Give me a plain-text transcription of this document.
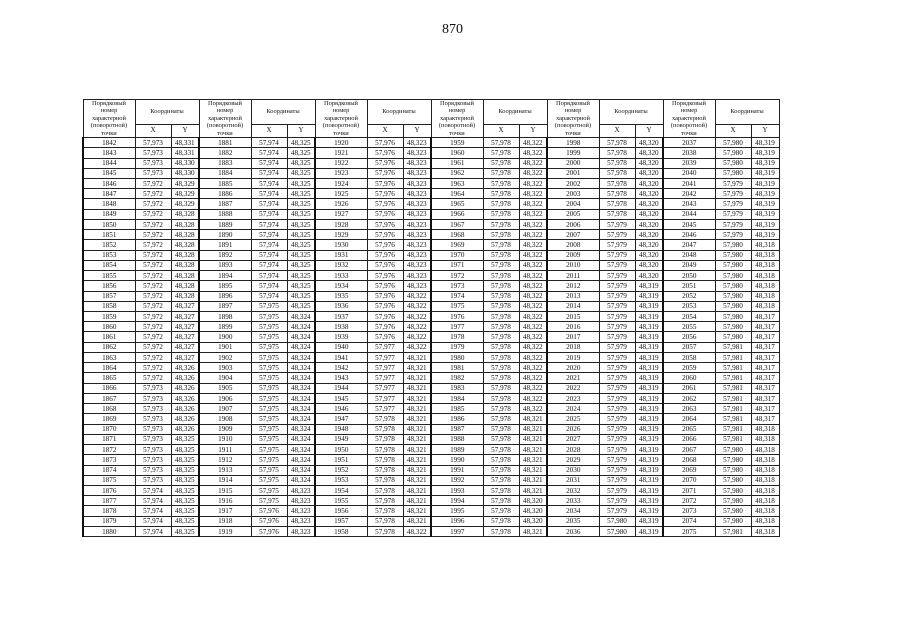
870
Порядковый номер характерной (поворотной) точки	Координаты		Порядковый номер характерной (поворотной) точки	Координаты		Порядковый номер характерной (поворотной) точки	Координаты		Порядковый номер характерной (поворотной) точки	Координаты		Порядковый номер характерной (поворотной) точки	Координаты		Порядковый номер характерной (поворотной) точки	Координаты	
	X	Y		X	Y		X	Y		X	Y		X	Y		X	Y
1842	57,973	48,331	1881	57,974	48,325	1920	57,976	48,323	1959	57,978	48,322	1998	57,978	48,320	2037	57,980	48,319
1843	57,973	48,331	1882	57,974	48,325	1921	57,976	48,323	1960	57,978	48,322	1999	57,978	48,320	2038	57,980	48,319
1844	57,973	48,330	1883	57,974	48,325	1922	57,976	48,323	1961	57,978	48,322	2000	57,978	48,320	2039	57,980	48,319
1845	57,973	48,330	1884	57,974	48,325	1923	57,976	48,323	1962	57,978	48,322	2001	57,978	48,320	2040	57,980	48,319
1846	57,972	48,329	1885	57,974	48,325	1924	57,976	48,323	1963	57,978	48,322	2002	57,978	48,320	2041	57,979	48,319
1847	57,972	48,329	1886	57,974	48,325	1925	57,976	48,323	1964	57,978	48,322	2003	57,978	48,320	2042	57,979	48,319
1848	57,972	48,329	1887	57,974	48,325	1926	57,976	48,323	1965	57,978	48,322	2004	57,978	48,320	2043	57,979	48,319
1849	57,972	48,328	1888	57,974	48,325	1927	57,976	48,323	1966	57,978	48,322	2005	57,978	48,320	2044	57,979	48,319
1850	57,972	48,328	1889	57,974	48,325	1928	57,976	48,323	1967	57,978	48,322	2006	57,979	48,320	2045	57,979	48,319
1851	57,972	48,328	1890	57,974	48,325	1929	57,976	48,323	1968	57,978	48,322	2007	57,979	48,320	2046	57,979	48,319
1852	57,972	48,328	1891	57,974	48,325	1930	57,976	48,323	1969	57,978	48,322	2008	57,979	48,320	2047	57,980	48,318
1853	57,972	48,328	1892	57,974	48,325	1931	57,976	48,323	1970	57,978	48,322	2009	57,979	48,320	2048	57,980	48,318
1854	57,972	48,328	1893	57,974	48,325	1932	57,976	48,323	1971	57,978	48,322	2010	57,979	48,320	2049	57,980	48,318
1855	57,972	48,328	1894	57,974	48,325	1933	57,976	48,323	1972	57,978	48,322	2011	57,979	48,320	2050	57,980	48,318
1856	57,972	48,328	1895	57,974	48,325	1934	57,976	48,323	1973	57,978	48,322	2012	57,979	48,319	2051	57,980	48,318
1857	57,972	48,328	1896	57,974	48,325	1935	57,976	48,322	1974	57,978	48,322	2013	57,979	48,319	2052	57,980	48,318
1858	57,972	48,327	1897	57,975	48,325	1936	57,976	48,322	1975	57,978	48,322	2014	57,979	48,319	2053	57,980	48,318
1859	57,972	48,327	1898	57,975	48,324	1937	57,976	48,322	1976	57,978	48,322	2015	57,979	48,319	2054	57,980	48,317
1860	57,972	48,327	1899	57,975	48,324	1938	57,976	48,322	1977	57,978	48,322	2016	57,979	48,319	2055	57,980	48,317
1861	57,972	48,327	1900	57,975	48,324	1939	57,976	48,322	1978	57,978	48,322	2017	57,979	48,319	2056	57,980	48,317
1862	57,972	48,327	1901	57,975	48,324	1940	57,977	48,322	1979	57,978	48,322	2018	57,979	48,319	2057	57,981	48,317
1863	57,972	48,327	1902	57,975	48,324	1941	57,977	48,321	1980	57,978	48,322	2019	57,979	48,319	2058	57,981	48,317
1864	57,972	48,326	1903	57,975	48,324	1942	57,977	48,321	1981	57,978	48,322	2020	57,979	48,319	2059	57,981	48,317
1865	57,972	48,326	1904	57,975	48,324	1943	57,977	48,321	1982	57,978	48,322	2021	57,979	48,319	2060	57,981	48,317
1866	57,973	48,326	1905	57,975	48,324	1944	57,977	48,321	1983	57,978	48,322	2022	57,979	48,319	2061	57,981	48,317
1867	57,973	48,326	1906	57,975	48,324	1945	57,977	48,321	1984	57,978	48,322	2023	57,979	48,319	2062	57,981	48,317
1868	57,973	48,326	1907	57,975	48,324	1946	57,977	48,321	1985	57,978	48,322	2024	57,979	48,319	2063	57,981	48,317
1869	57,973	48,326	1908	57,975	48,324	1947	57,978	48,321	1986	57,978	48,321	2025	57,979	48,319	2064	57,981	48,317
1870	57,973	48,326	1909	57,975	48,324	1948	57,978	48,321	1987	57,978	48,321	2026	57,979	48,319	2065	57,981	48,318
1871	57,973	48,325	1910	57,975	48,324	1949	57,978	48,321	1988	57,978	48,321	2027	57,979	48,319	2066	57,981	48,318
1872	57,973	48,325	1911	57,975	48,324	1950	57,978	48,321	1989	57,978	48,321	2028	57,979	48,319	2067	57,980	48,318
1873	57,973	48,325	1912	57,975	48,324	1951	57,978	48,321	1990	57,978	48,321	2029	57,979	48,319	2068	57,980	48,318
1874	57,973	48,325	1913	57,975	48,324	1952	57,978	48,321	1991	57,978	48,321	2030	57,979	48,319	2069	57,980	48,318
1875	57,973	48,325	1914	57,975	48,324	1953	57,978	48,321	1992	57,978	48,321	2031	57,979	48,319	2070	57,980	48,318
1876	57,974	48,325	1915	57,975	48,323	1954	57,978	48,321	1993	57,978	48,321	2032	57,979	48,319	2071	57,980	48,318
1877	57,974	48,325	1916	57,975	48,323	1955	57,978	48,321	1994	57,978	48,320	2033	57,979	48,319	2072	57,980	48,318
1878	57,974	48,325	1917	57,976	48,323	1956	57,978	48,321	1995	57,978	48,320	2034	57,979	48,319	2073	57,980	48,318
1879	57,974	48,325	1918	57,976	48,323	1957	57,978	48,321	1996	57,978	48,320	2035	57,980	48,319	2074	57,980	48,318
1880	57,974	48,325	1919	57,976	48,323	1958	57,978	48,322	1997	57,978	48,321	2036	57,980	48,319	2075	57,981	48,318
